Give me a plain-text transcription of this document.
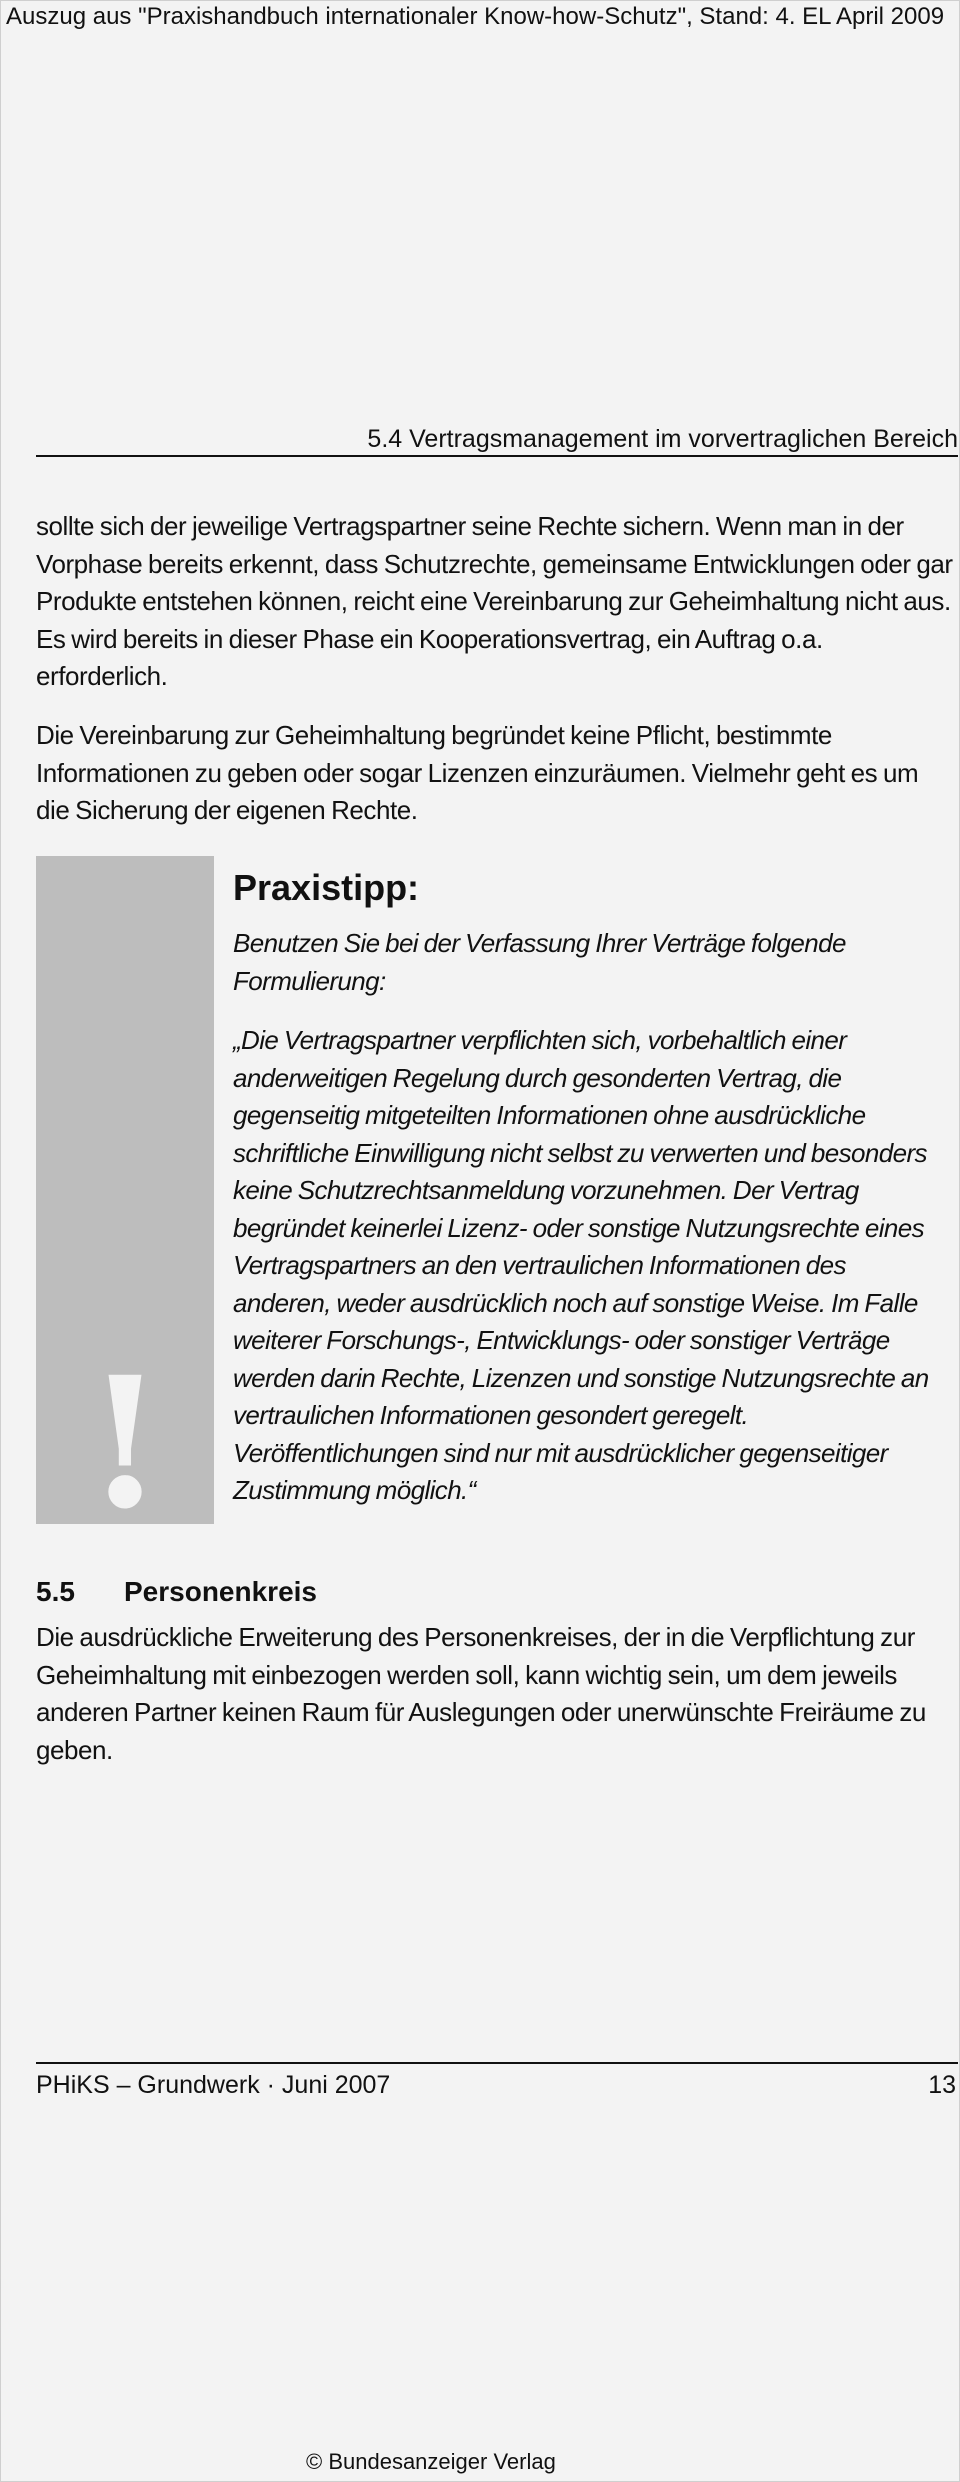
Auszug aus "Praxishandbuch internationaler Know-how-Schutz", Stand: 4. EL April 2009
5.4 Vertragsmanagement im vorvertraglichen Bereich

sollte sich der jeweilige Vertragspartner seine Rechte sichern. Wenn man in der Vorphase bereits erkennt, dass Schutzrechte, gemeinsame Entwicklungen oder gar Produkte entstehen können, reicht eine Vereinbarung zur Geheimhaltung nicht aus. Es wird bereits in dieser Phase ein Kooperationsvertrag, ein Auftrag o.a. erforderlich.

Die Vereinbarung zur Geheimhaltung begründet keine Pflicht, bestimmte Informationen zu geben oder sogar Lizenzen einzuräumen. Vielmehr geht es um die Sicherung der eigenen Rechte.

!
Praxistipp:

Benutzen Sie bei der Verfassung Ihrer Verträge folgende Formulierung:

„Die Vertragspartner verpflichten sich, vorbehaltlich einer anderweitigen Regelung durch gesonderten Vertrag, die gegenseitig mitgeteilten Informationen ohne ausdrückliche schriftliche Einwilligung nicht selbst zu verwerten und besonders keine Schutzrechtsanmeldung vorzunehmen. Der Vertrag begründet keinerlei Lizenz- oder sonstige Nutzungsrechte eines Vertragspartners an den vertraulichen Informationen des anderen, weder ausdrücklich noch auf sonstige Weise. Im Falle weiterer Forschungs-, Entwicklungs- oder sonstiger Verträge werden darin Rechte, Lizenzen und sonstige Nutzungsrechte an vertraulichen Informationen gesondert geregelt. Veröffentlichungen sind nur mit ausdrücklicher gegenseitiger Zustimmung möglich.“

5.5 Personenkreis

Die ausdrückliche Erweiterung des Personenkreises, der in die Verpflichtung zur Geheimhaltung mit einbezogen werden soll, kann wichtig sein, um dem jeweils anderen Partner keinen Raum für Auslegungen oder unerwünschte Freiräume zu geben.

PHiKS – Grundwerk · Juni 2007	13
© Bundesanzeiger Verlag
